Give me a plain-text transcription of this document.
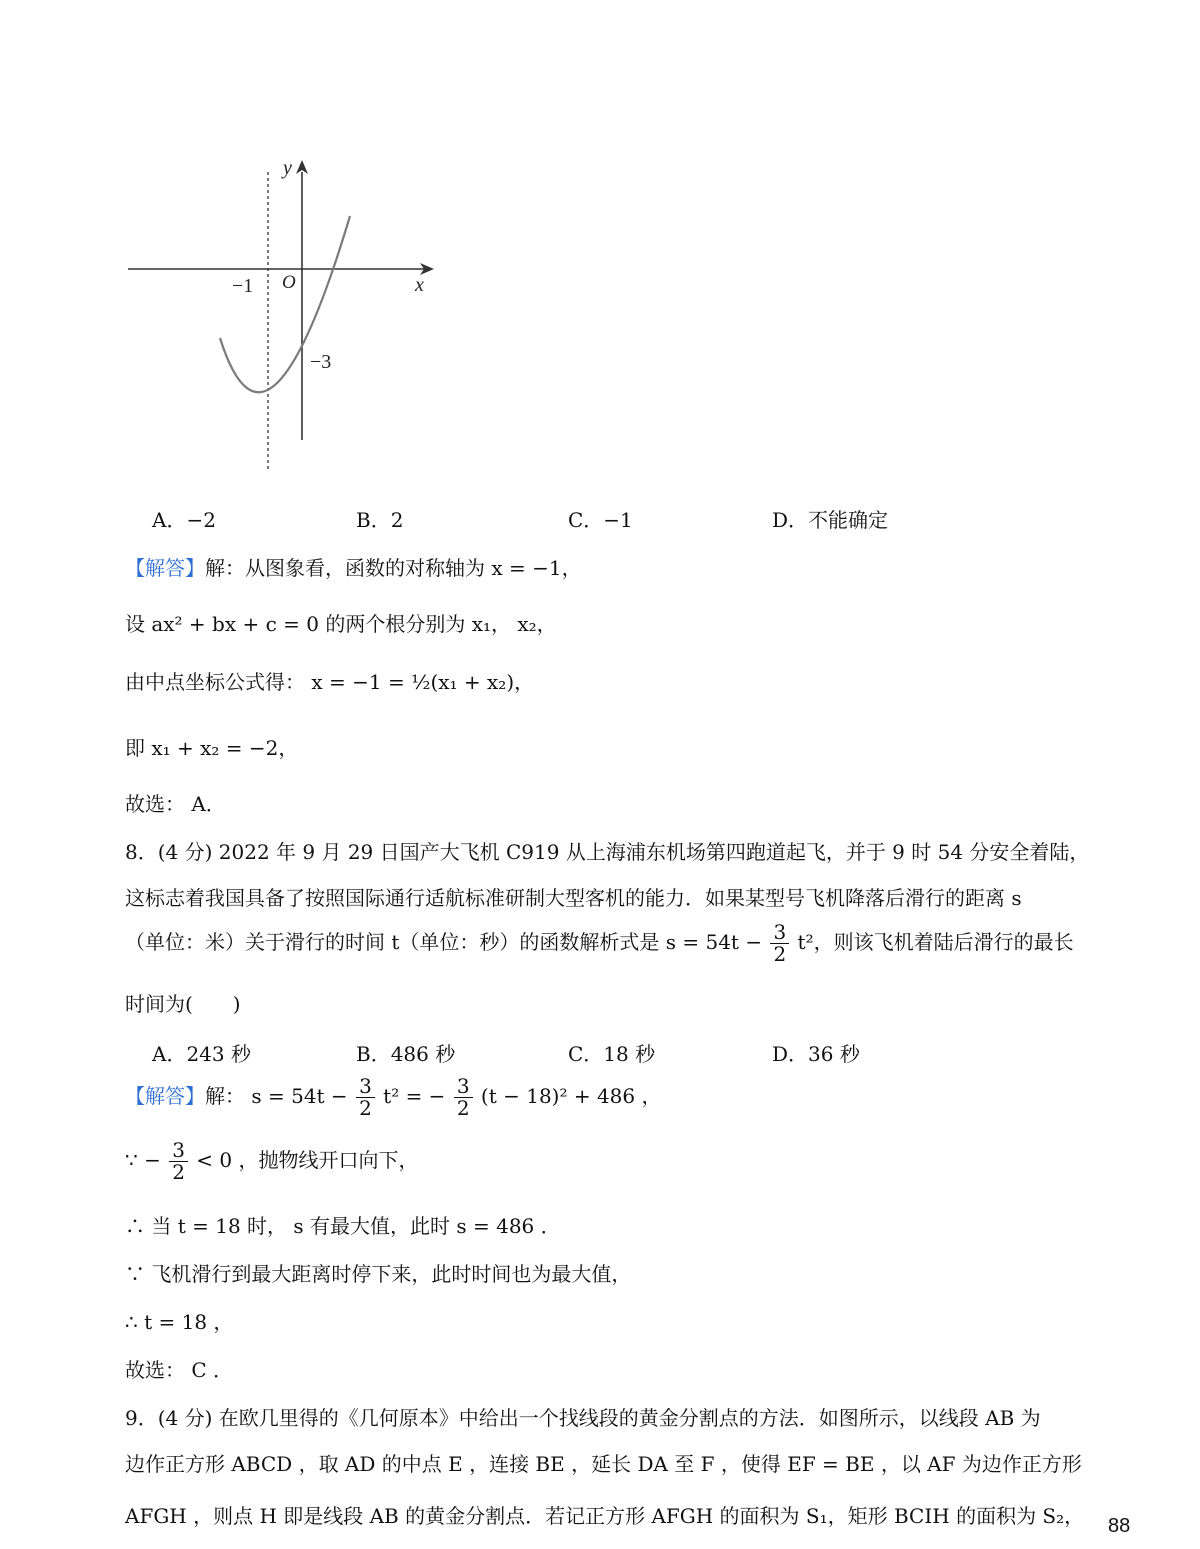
y
x
O
−1
−3
A．−2	B．2	C．−1	D．不能确定
【解答】解：从图象看，函数的对称轴为 x = −1，
设 ax² + bx + c = 0 的两个根分别为 x₁， x₂，
由中点坐标公式得： x = −1 = ½(x₁ + x₂)，
即 x₁ + x₂ = −2，
故选： A．
8．(4 分) 2022 年 9 月 29 日国产大飞机 C919 从上海浦东机场第四跑道起飞，并于 9 时 54 分安全着陆，
这标志着我国具备了按照国际通行适航标准研制大型客机的能力．如果某型号飞机降落后滑行的距离 s
（单位：米）关于滑行的时间 t（单位：秒）的函数解析式是 $s = 54t - \frac{3}{2} t^2$，则该飞机着陆后滑行的最长
时间为(　　)
A．243 秒	B．486 秒	C．18 秒	D．36 秒
【解答】解： $s = 54t - \frac{3}{2} t^2$ = − $\frac{3}{2} (t - 18)^2 + 486$ ，
∵ − $\frac{3}{2} < 0$ ，抛物线开口向下，
∴ 当 t = 18 时， s 有最大值，此时 s = 486 ．
∵ 飞机滑行到最大距离时停下来，此时时间也为最大值，
∴ t = 18 ，
故选： C ．
9．(4 分) 在欧几里得的《几何原本》中给出一个找线段的黄金分割点的方法．如图所示，以线段 AB 为
边作正方形 ABCD ，取 AD 的中点 E ，连接 BE ，延长 DA 至 F ，使得 EF = BE ，以 AF 为边作正方形
AFGH ，则点 H 即是线段 AB 的黄金分割点．若记正方形 AFGH 的面积为 S₁，矩形 BCIH 的面积为 S₂， 88
